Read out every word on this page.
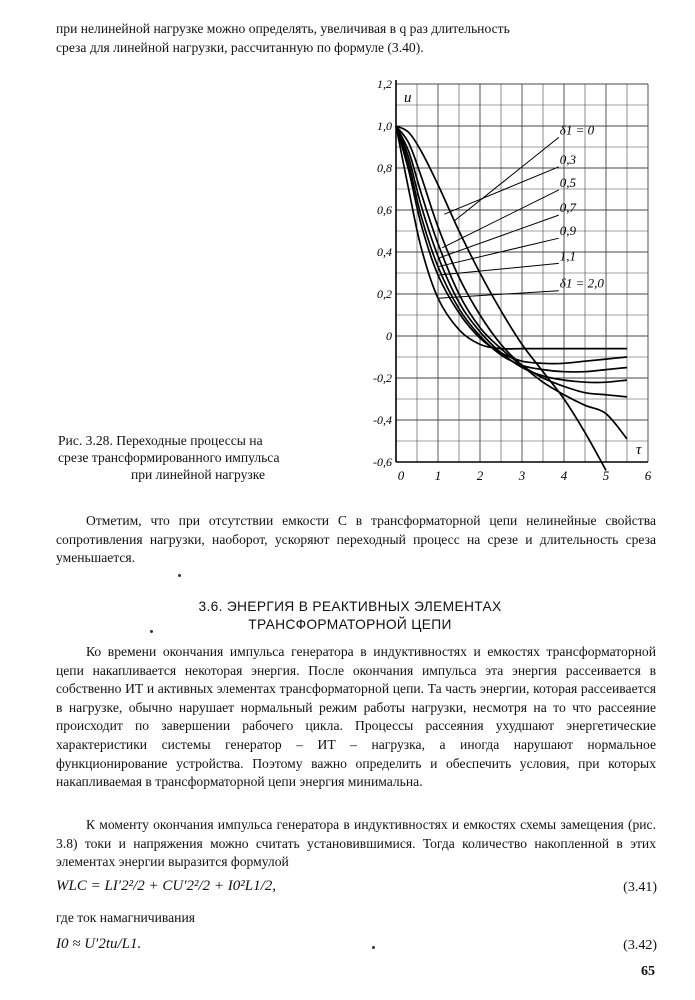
при нелинейной нагрузке можно определять, увеличивая в q раз длительность
среза для линейной нагрузки, рассчитанную по формуле (3.40).

1,2
1,0
0,8
0,6
0,4
0,2
0
-0,2
-0,4
-0,6
0 1	2	3	4	5	6
u
τ
δ1 = 0
0,3
0,5
0,7
0,9
1,1
δ1 = 2,0
Рис. 3.28. Переходные процессы на
срезе трансформированного импульса
при линейной нагрузке

Отметим, что при отсутствии емкости C в трансформаторной цепи нелинейные свойства сопротивления нагрузки, наоборот, ускоряют переходный процесс на срезе и длительность среза уменьшается.

3.6. ЭНЕРГИЯ В РЕАКТИВНЫХ ЭЛЕМЕНТАХ
ТРАНСФОРМАТОРНОЙ ЦЕПИ

Ко времени окончания импульса генератора в индуктивностях и емкостях трансформаторной цепи накапливается некоторая энергия. После окончания импульса эта энергия рассеивается в собственно ИТ и активных элементах трансформаторной цепи. Та часть энергии, которая рассеивается в нагрузке, обычно нарушает нормальный режим работы нагрузки, несмотря на то что рассеяние происходит по завершении рабочего цикла. Процессы рассеяния ухудшают энергетические характеристики системы генератор – ИТ – нагрузка, а иногда нарушают нормальное функционирование устройства. Поэтому важно определить и обеспечить условия, при которых накапливаемая в трансформаторной цепи энергия минимальна.

К моменту окончания импульса генератора в индуктивностях и емкостях схемы замещения (рис. 3.8) токи и напряжения можно считать установившимися. Тогда количество накопленной в этих элементах энергии выразится формулой

WLC = LI′2²/2 + CU′2²/2 + I0²L1/2,	(3.41)
где ток намагничивания
I0 ≈ U′2tи/L1.	(3.42)
65
